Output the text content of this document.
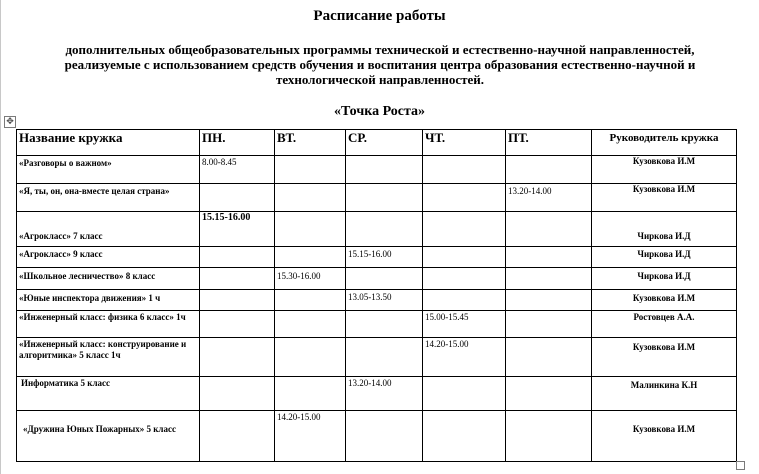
Расписание работы
дополнительных общеобразовательных программы технической и естественно-научной направленностей, реализуемые с использованием средств обучения и воспитания центра образования естественно-научной и технологической направленностей.
«Точка Роста»
✥
Название кружка	ПН.	ВТ.	СР.	ЧТ.	ПТ.	Руководитель кружка
«Разговоры о важном»	8.00-8.45					Кузовкова И.М
«Я, ты, он, она-вместе целая страна»					13.20-14.00	Кузовкова И.М
«Агрокласс» 7 класс	15.15-16.00					Чиркова И.Д
«Агрокласс» 9 класс			15.15-16.00			Чиркова И.Д
«Школьное лесничество» 8 класс		15.30-16.00				Чиркова И.Д
«Юные инспектора движения» 1 ч			13.05-13.50			Кузовкова И.М
«Инженерный класс: физика 6 класс» 1ч				15.00-15.45		Ростовцев А.А.
«Инженерный класс: конструирование и алгоритмика» 5 класс 1ч				14.20-15.00		Кузовкова И.М
Информатика 5 класс			13.20-14.00			Малинкина К.Н
«Дружина Юных Пожарных» 5 класс		14.20-15.00				Кузовкова И.М
